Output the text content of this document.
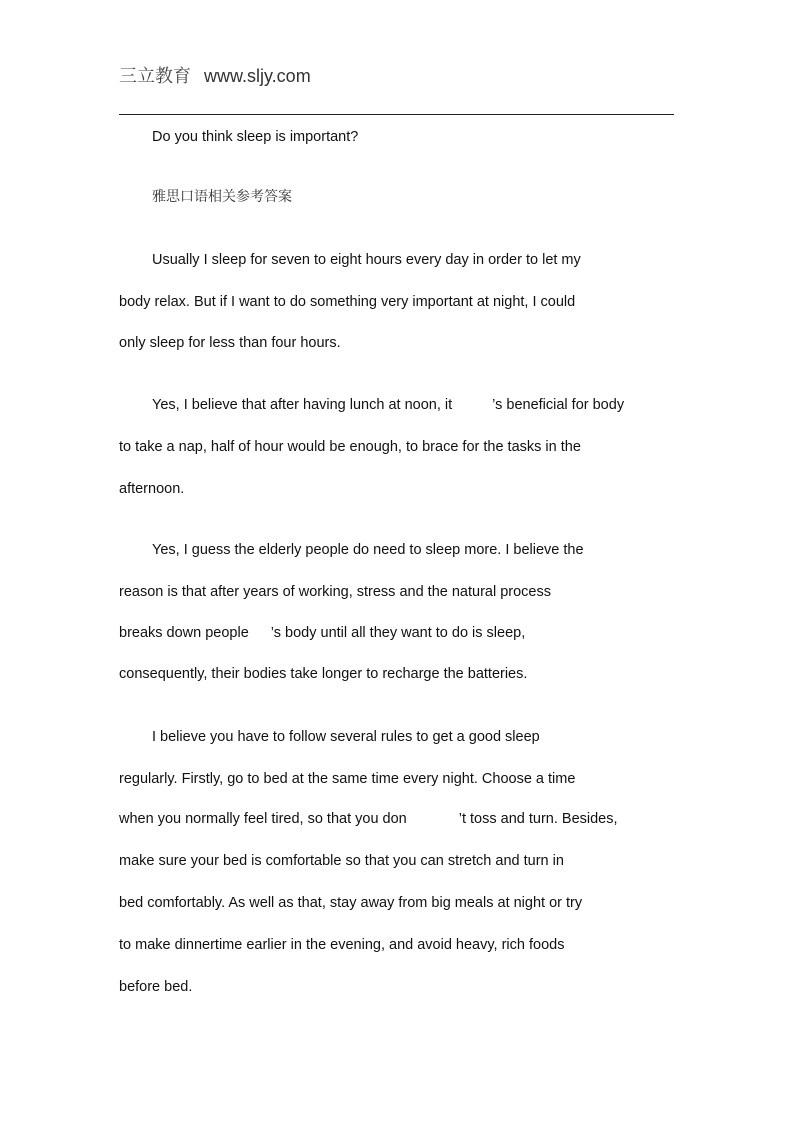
三立教育 www.sljy.com
Do you think sleep is important?
雅思口语相关参考答案
Usually I sleep for seven to eight hours every day in order to let my
body relax. But if I want to do something very important at night, I could
only sleep for less than four hours.
Yes, I believe that after having lunch at noon, it	’s beneficial for body
to take a nap, half of hour would be enough, to brace for the tasks in the
afternoon.
Yes, I guess the elderly people do need to sleep more. I believe the
reason is that after years of working, stress and the natural process
breaks down people ’s body until all they want to do is sleep,
consequently, their bodies take longer to recharge the batteries.
I believe you have to follow several rules to get a good sleep
regularly. Firstly, go to bed at the same time every night. Choose a time
when you normally feel tired, so that you don	’t toss and turn. Besides,
make sure your bed is comfortable so that you can stretch and turn in
bed comfortably. As well as that, stay away from big meals at night or try
to make dinnertime earlier in the evening, and avoid heavy, rich foods
before bed.
